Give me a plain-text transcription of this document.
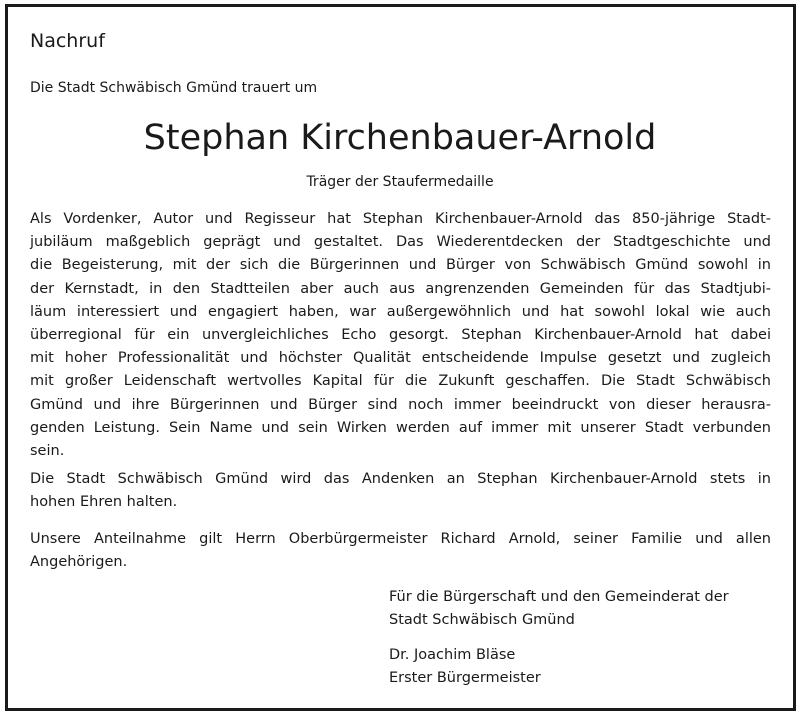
Nachruf
Die Stadt Schwäbisch Gmünd trauert um
Stephan Kirchenbauer-Arnold
Träger der Staufermedaille
Als Vordenker, Autor und Regisseur hat Stephan Kirchenbauer-Arnold das 850-jährige Stadt-
jubiläum maßgeblich geprägt und gestaltet. Das Wiederentdecken der Stadtgeschichte und
die Begeisterung, mit der sich die Bürgerinnen und Bürger von Schwäbisch Gmünd sowohl in
der Kernstadt, in den Stadtteilen aber auch aus angrenzenden Gemeinden für das Stadtjubi-
läum interessiert und engagiert haben, war außergewöhnlich und hat sowohl lokal wie auch
überregional für ein unvergleichliches Echo gesorgt. Stephan Kirchenbauer-Arnold hat dabei
mit hoher Professionalität und höchster Qualität entscheidende Impulse gesetzt und zugleich
mit großer Leidenschaft wertvolles Kapital für die Zukunft geschaffen. Die Stadt Schwäbisch
Gmünd und ihre Bürgerinnen und Bürger sind noch immer beeindruckt von dieser herausra-
genden Leistung. Sein Name und sein Wirken werden auf immer mit unserer Stadt verbunden
sein.
Die Stadt Schwäbisch Gmünd wird das Andenken an Stephan Kirchenbauer-Arnold stets in
hohen Ehren halten.
Unsere Anteilnahme gilt Herrn Oberbürgermeister Richard Arnold, seiner Familie und allen
Angehörigen.
Für die Bürgerschaft und den Gemeinderat der
Stadt Schwäbisch Gmünd
Dr. Joachim Bläse
Erster Bürgermeister
